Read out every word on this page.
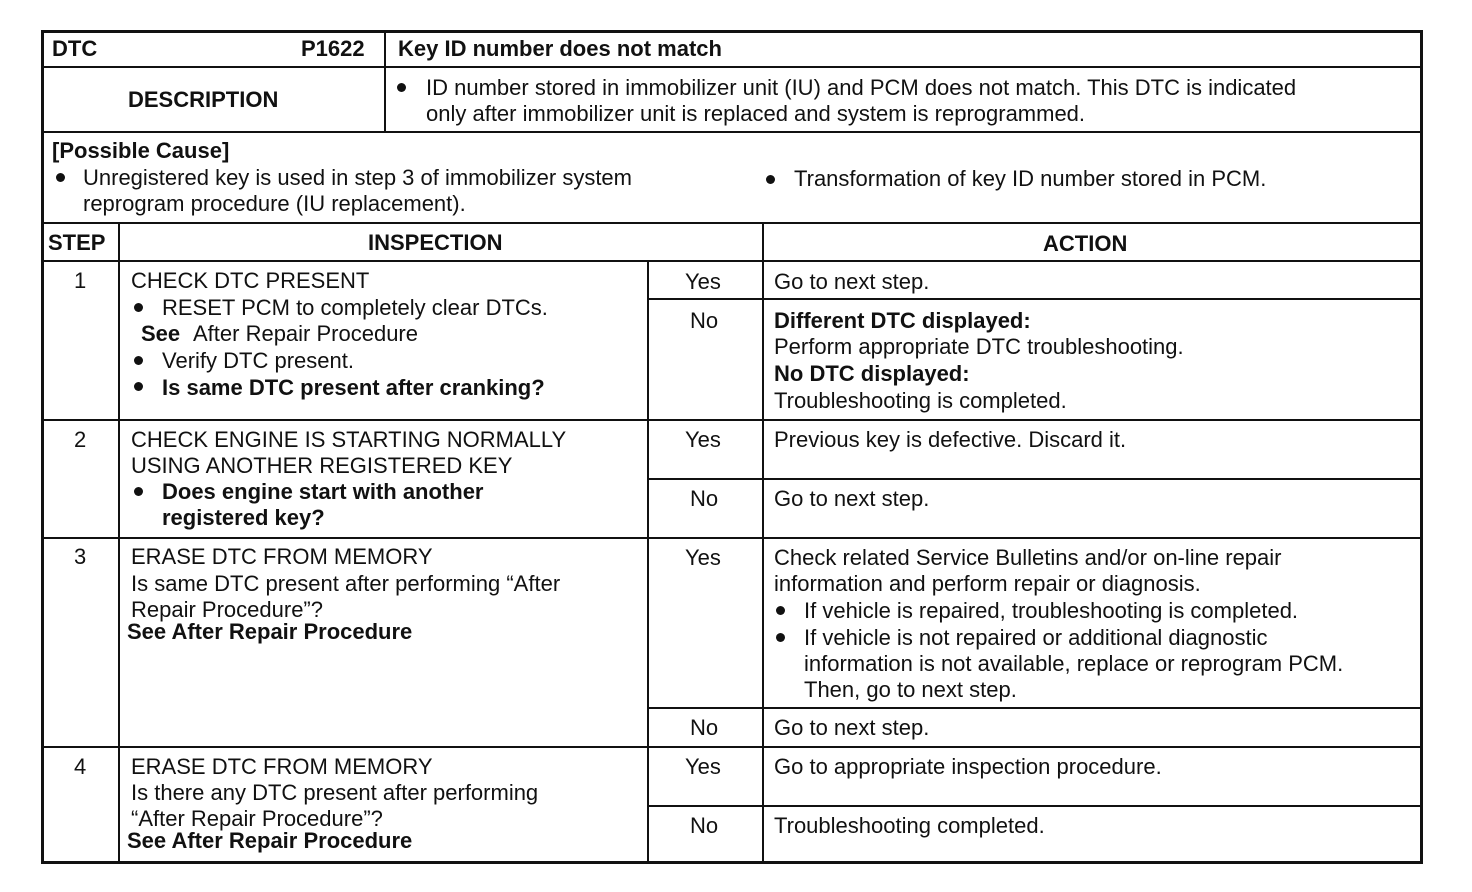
DTC	P1622 Key ID number does not match
DESCRIPTION	ID number stored in immobilizer unit (IU) and PCM does not match. This DTC is indicated
only after immobilizer unit is replaced and system is reprogrammed.
[Possible Cause]
Unregistered key is used in step 3 of immobilizer system
reprogram procedure (IU replacement).
Transformation of key ID number stored in PCM.
STEP	INSPECTION	ACTION
1 CHECK DTC PRESENT
RESET PCM to completely clear DTCs.
See After Repair Procedure
Verify DTC present.
Is same DTC present after cranking?
Yes Go to next step.
No	Different DTC displayed:
Perform appropriate DTC troubleshooting.
No DTC displayed:
Troubleshooting is completed.
2 CHECK ENGINE IS STARTING NORMALLY
USING ANOTHER REGISTERED KEY
Does engine start with another
registered key?
Yes Previous key is defective. Discard it.
No	Go to next step.
3 ERASE DTC FROM MEMORY
Is same DTC present after performing “After
Repair Procedure”?
See After Repair Procedure
Yes Check related Service Bulletins and/or on-line repair
information and perform repair or diagnosis.
If vehicle is repaired, troubleshooting is completed.
If vehicle is not repaired or additional diagnostic
information is not available, replace or reprogram PCM.
Then, go to next step.
No	Go to next step.
4 ERASE DTC FROM MEMORY
Is there any DTC present after performing
“After Repair Procedure”?
See After Repair Procedure
Yes Go to appropriate inspection procedure.
No	Troubleshooting completed.
